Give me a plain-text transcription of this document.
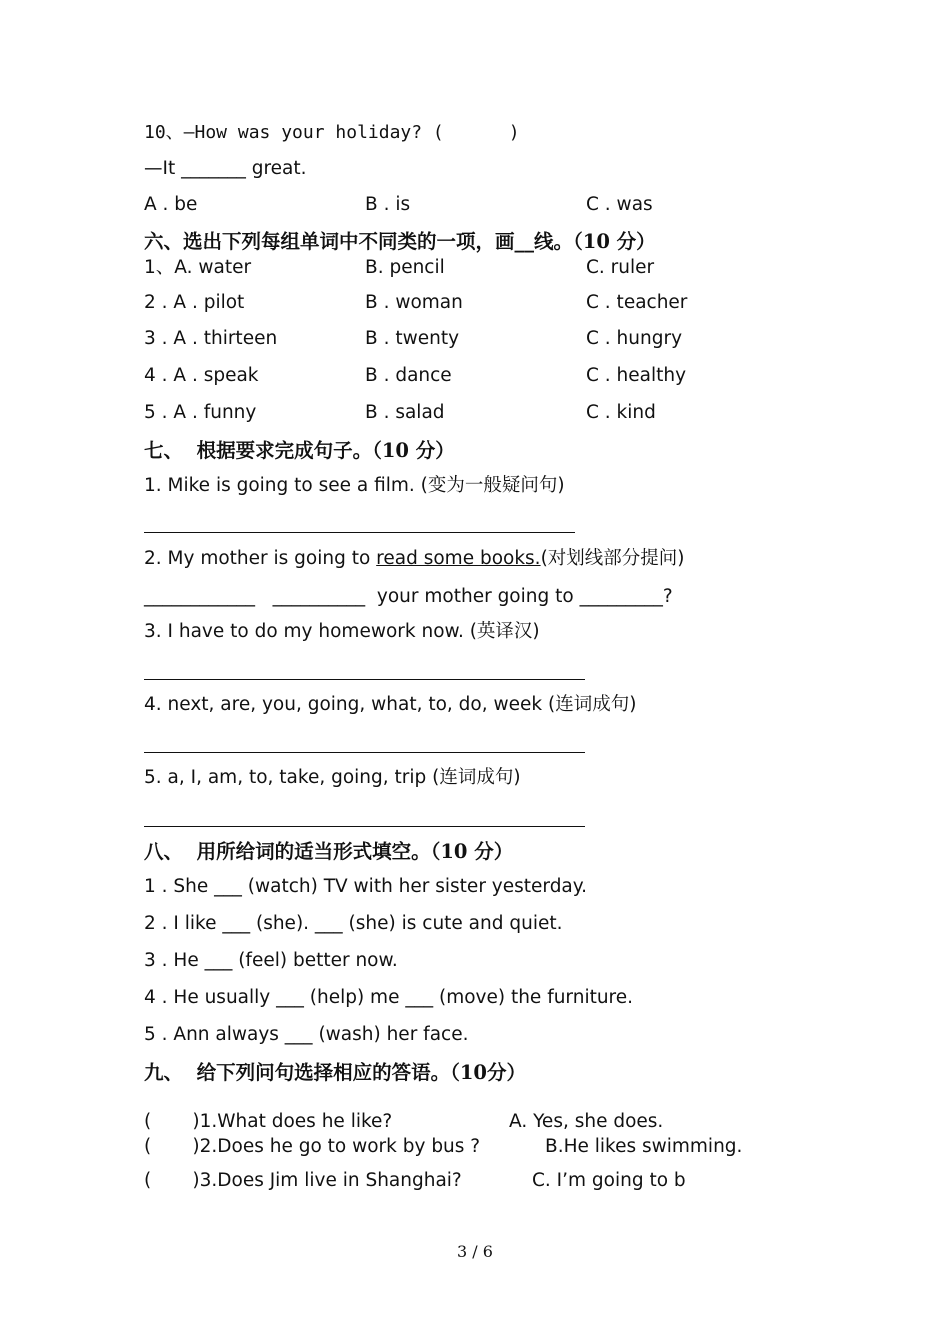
10、—How was your holiday? (      )
—It _______ great.
A . be	B . is	C . was
六、选出下列每组单词中不同类的一项，画__线。（10 分）
1、A. water	B. pencil	C. ruler
2 . A . pilot	B . woman	C . teacher
3 . A . thirteen	B . twenty	C . hungry
4 . A . speak	B . dance	C . healthy
5 . A . funny	B . salad	C . kind
七、  根据要求完成句子。（10 分）
1. Mike is going to see a film. (变为一般疑问句)
2. My mother is going to read some books.(对划线部分提问)
____________   __________  your mother going to _________?
3. I have to do my homework now. (英译汉)
4. next, are, you, going, what, to, do, week (连词成句)
5. a, I, am, to, take, going, trip (连词成句)
八、  用所给词的适当形式填空。（10 分）
1 . She ___ (watch) TV with her sister yesterday.
2 . I like ___ (she). ___ (she) is cute and quiet.
3 . He ___ (feel) better now.
4 . He usually ___ (help) me ___ (move) the furniture.
5 . Ann always ___ (wash) her face.
九、  给下列问句选择相应的答语。（10分）
(       )1.What does he like?	A. Yes, she does.
(       )2.Does he go to work by bus ?	B.He likes swimming.
(       )3.Does Jim live in Shanghai?	C. I’m going to b
3 / 6
